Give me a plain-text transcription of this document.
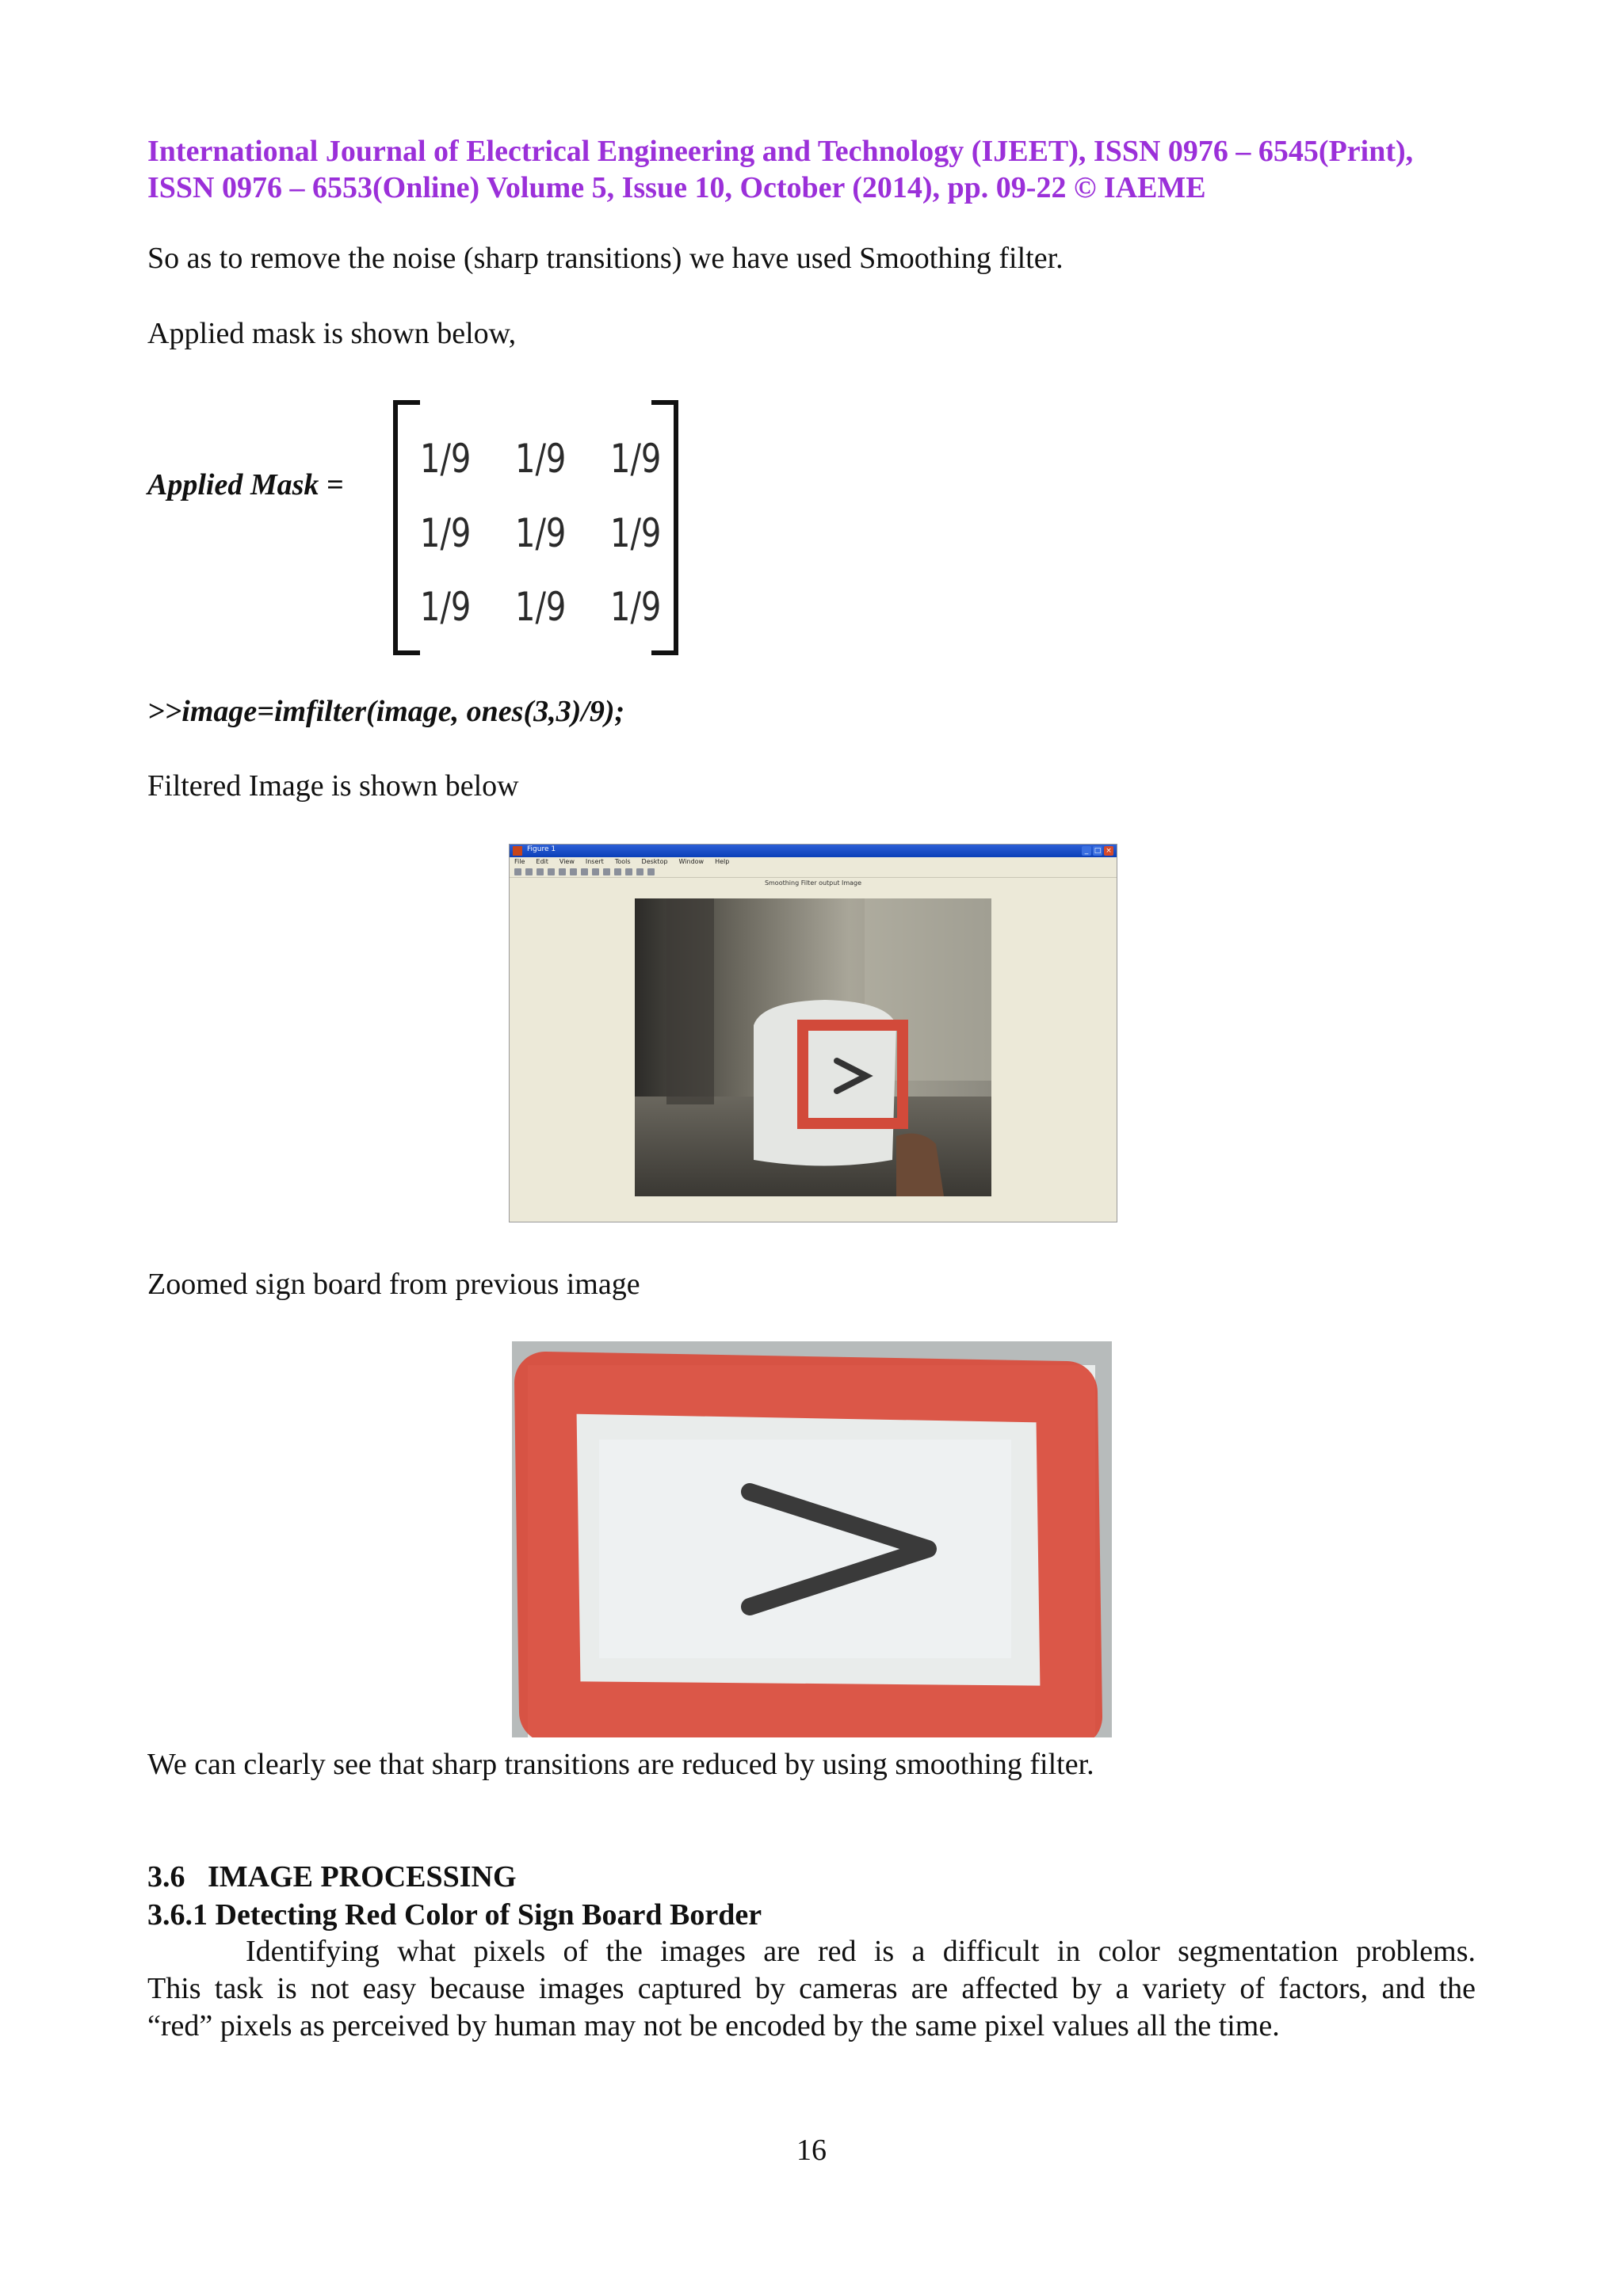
International Journal of Electrical Engineering and Technology (IJEET), ISSN 0976 – 6545(Print),
ISSN 0976 – 6553(Online) Volume 5, Issue 10, October (2014), pp. 09-22 © IAEME
So as to remove the noise (sharp transitions) we have used Smoothing filter.
Applied mask is shown below,
Applied Mask =
1/9 1/9 1/9
1/9 1/9 1/9
1/9 1/9 1/9
>>image=imfilter(image, ones(3,3)/9);
Filtered Image is shown below
Figure 1	_ □ ×
File Edit View Insert Tools Desktop Window Help
Smoothing Filter output Image
Zoomed sign board from previous image
We can clearly see that sharp transitions are reduced by using smoothing filter.
3.6   IMAGE PROCESSING
3.6.1 Detecting Red Color of Sign Board Border
Identifying what pixels of the images are red is a difficult in color segmentation problems.
This task is not easy because images captured by cameras are affected by a variety of factors, and the
“red” pixels as perceived by human may not be encoded by the same pixel values all the time.
16
